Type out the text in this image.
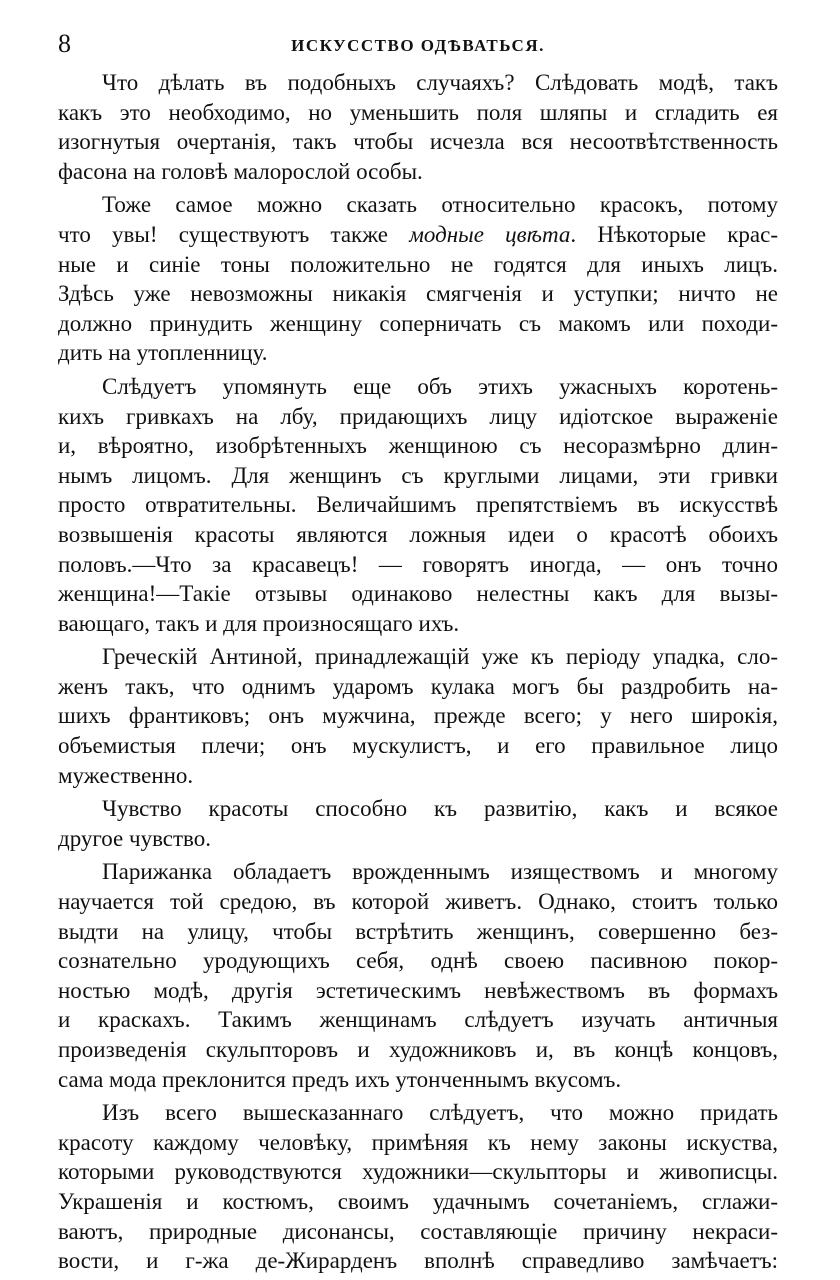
8	ИСКУССТВО ОДѢВАТЬСЯ.
Что дѣлать въ подобныхъ случаяхъ? Слѣдовать модѣ, такъ
какъ это необходимо, но уменьшить поля шляпы и сгладить ея
изогнутыя очертанія, такъ чтобы исчезла вся несоотвѣтственность
фасона на головѣ малорослой особы.
Тоже самое можно сказать относительно красокъ, потому
что увы! существуютъ также модные цвѣта. Нѣкоторые крас-
ные и синіе тоны положительно не годятся для иныхъ лицъ.
Здѣсь уже невозможны никакія смягченія и уступки; ничто не
должно принудить женщину соперничать съ макомъ или походи-
дить на утопленницу.
Слѣдуетъ упомянуть еще объ этихъ ужасныхъ коротень-
кихъ гривкахъ на лбу, придающихъ лицу идіотское выраженіе
и, вѣроятно, изобрѣтенныхъ женщиною съ несоразмѣрно длин-
нымъ лицомъ. Для женщинъ съ круглыми лицами, эти гривки
просто отвратительны. Величайшимъ препятствіемъ въ искусствѣ
возвышенія красоты являются ложныя идеи о красотѣ обоихъ
половъ.—Что за красавецъ! — говорятъ иногда, — онъ точно
женщина!—Такіе отзывы одинаково нелестны какъ для вызы-
вающаго, такъ и для произносящаго ихъ.
Греческій Антиной, принадлежащій уже къ періоду упадка, сло-
женъ такъ, что однимъ ударомъ кулака могъ бы раздробить на-
шихъ франтиковъ; онъ мужчина, прежде всего; у него широкія,
объемистыя плечи; онъ мускулистъ, и его правильное лицо
мужественно.
Чувство красоты способно къ развитію, какъ и всякое
другое чувство.
Парижанка обладаетъ врожденнымъ изяществомъ и многому
научается той средою, въ которой живетъ. Однако, стоитъ только
выдти на улицу, чтобы встрѣтить женщинъ, совершенно без-
сознательно уродующихъ себя, однѣ своею пасивною покор-
ностью модѣ, другія эстетическимъ невѣжествомъ въ формахъ
и краскахъ. Такимъ женщинамъ слѣдуетъ изучать античныя
произведенія скульпторовъ и художниковъ и, въ концѣ концовъ,
сама мода преклонится предъ ихъ утонченнымъ вкусомъ.
Изъ всего вышесказаннаго слѣдуетъ, что можно придать
красоту каждому человѣку, примѣняя къ нему законы искуства,
которыми руководствуются художники—скульпторы и живописцы.
Украшенія и костюмъ, своимъ удачнымъ сочетаніемъ, сглажи-
ваютъ, природные дисонансы, составляющіе причину некраси-
вости, и г-жа де-Жирарденъ вполнѣ справедливо замѣчаетъ:
